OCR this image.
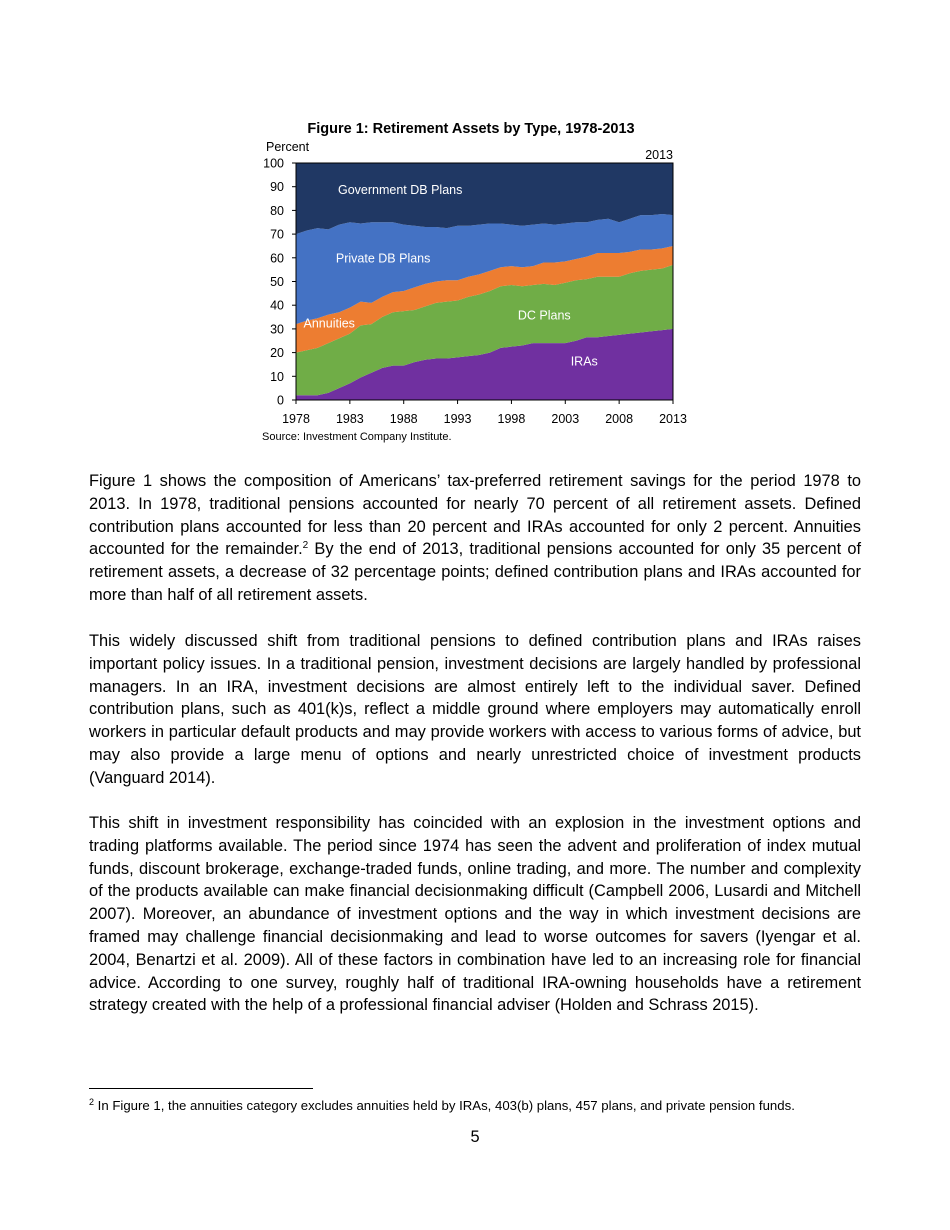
Figure 1: Retirement Assets by Type, 1978-2013
Percent
2013
IRAs
DC Plans
Annuities
Private DB Plans
Government DB Plans
0
10
20
30
40
50
60
70
80
90
100
1978 1983 1988 1993 1998 2003 2008 2013
Source: Investment Company Institute.

Figure 1 shows the composition of Americans’ tax-preferred retirement savings for the period 1978 to 2013. In 1978, traditional pensions accounted for nearly 70 percent of all retirement assets. Defined contribution plans accounted for less than 20 percent and IRAs accounted for only 2 percent. Annuities accounted for the remainder.$^2$ By the end of 2013, traditional pensions accounted for only 35 percent of retirement assets, a decrease of 32 percentage points; defined contribution plans and IRAs accounted for more than half of all retirement assets.

This widely discussed shift from traditional pensions to defined contribution plans and IRAs raises important policy issues. In a traditional pension, investment decisions are largely handled by professional managers. In an IRA, investment decisions are almost entirely left to the individual saver. Defined contribution plans, such as 401(k)s, reflect a middle ground where employers may automatically enroll workers in particular default products and may provide workers with access to various forms of advice, but may also provide a large menu of options and nearly unrestricted choice of investment products (Vanguard 2014).

This shift in investment responsibility has coincided with an explosion in the investment options and trading platforms available. The period since 1974 has seen the advent and proliferation of index mutual funds, discount brokerage, exchange-traded funds, online trading, and more. The number and complexity of the products available can make financial decisionmaking difficult (Campbell 2006, Lusardi and Mitchell 2007). Moreover, an abundance of investment options and the way in which investment decisions are framed may challenge financial decisionmaking and lead to worse outcomes for savers (Iyengar et al. 2004, Benartzi et al. 2009). All of these factors in combination have led to an increasing role for financial advice. According to one survey, roughly half of traditional IRA-owning households have a retirement strategy created with the help of a professional financial adviser (Holden and Schrass 2015).

$^2$ In Figure 1, the annuities category excludes annuities held by IRAs, 403(b) plans, 457 plans, and private pension funds.

5
